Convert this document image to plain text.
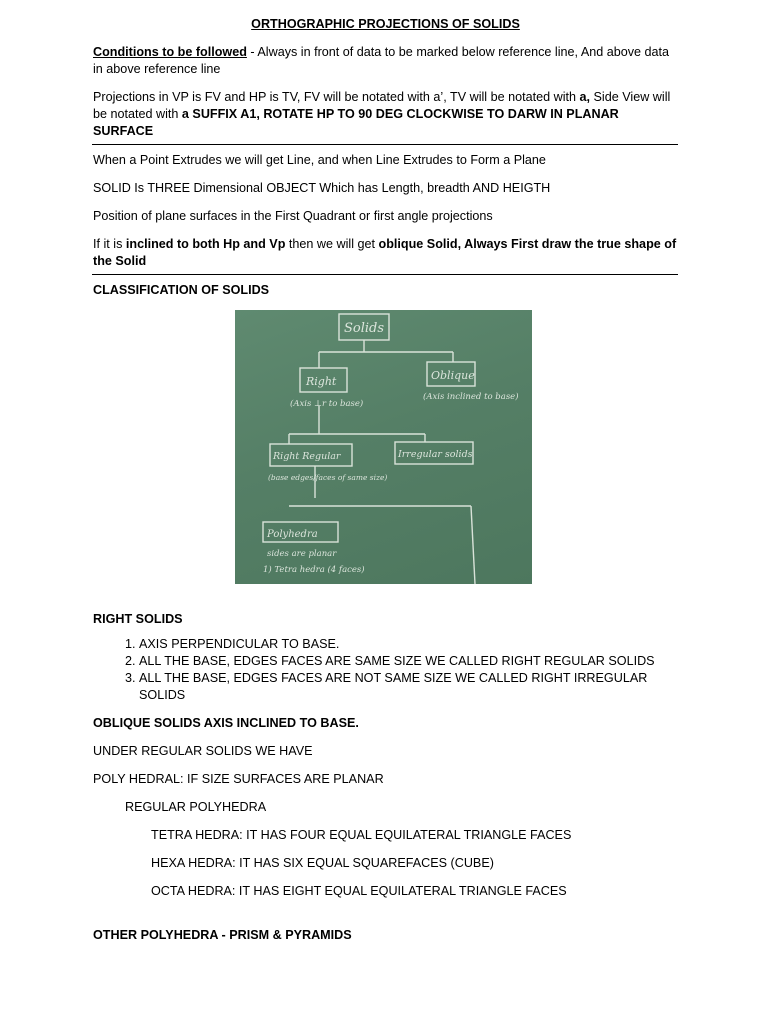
ORTHOGRAPHIC PROJECTIONS OF SOLIDS

Conditions to be followed - Always in front of data to be marked below reference line, And above data in above reference line

Projections in VP is FV and HP is TV, FV will be notated with a’, TV will be notated with a, Side View will be notated with a SUFFIX A1, ROTATE HP TO 90 DEG CLOCKWISE TO DARW IN PLANAR SURFACE

When a Point Extrudes we will get Line, and when Line Extrudes to Form a Plane

SOLID Is THREE Dimensional OBJECT Which has Length, breadth AND HEIGTH

Position of plane surfaces in the First Quadrant or first angle projections

If it is inclined to both Hp and Vp then we will get oblique Solid, Always First draw the true shape of the Solid

CLASSIFICATION OF SOLIDS

Solids
Right
(Axis ⊥r to base)
Oblique
(Axis inclined to base)
Right Regular
(base edges/faces of same size)
Irregular solids
Polyhedra
sides are planar
1) Tetra hedra (4 faces)

RIGHT SOLIDS

1. AXIS PERPENDICULAR TO BASE.
2. ALL THE BASE, EDGES FACES ARE SAME SIZE WE CALLED RIGHT REGULAR SOLIDS
3. ALL THE BASE, EDGES FACES ARE NOT SAME SIZE WE CALLED RIGHT IRREGULAR SOLIDS

OBLIQUE SOLIDS AXIS INCLINED TO BASE.

UNDER REGULAR SOLIDS WE HAVE

POLY HEDRAL: IF SIZE SURFACES ARE PLANAR

REGULAR POLYHEDRA

TETRA HEDRA: IT HAS FOUR EQUAL EQUILATERAL TRIANGLE FACES

HEXA HEDRA: IT HAS SIX EQUAL SQUAREFACES (CUBE)

OCTA HEDRA: IT HAS EIGHT EQUAL EQUILATERAL TRIANGLE FACES

OTHER POLYHEDRA - PRISM & PYRAMIDS
